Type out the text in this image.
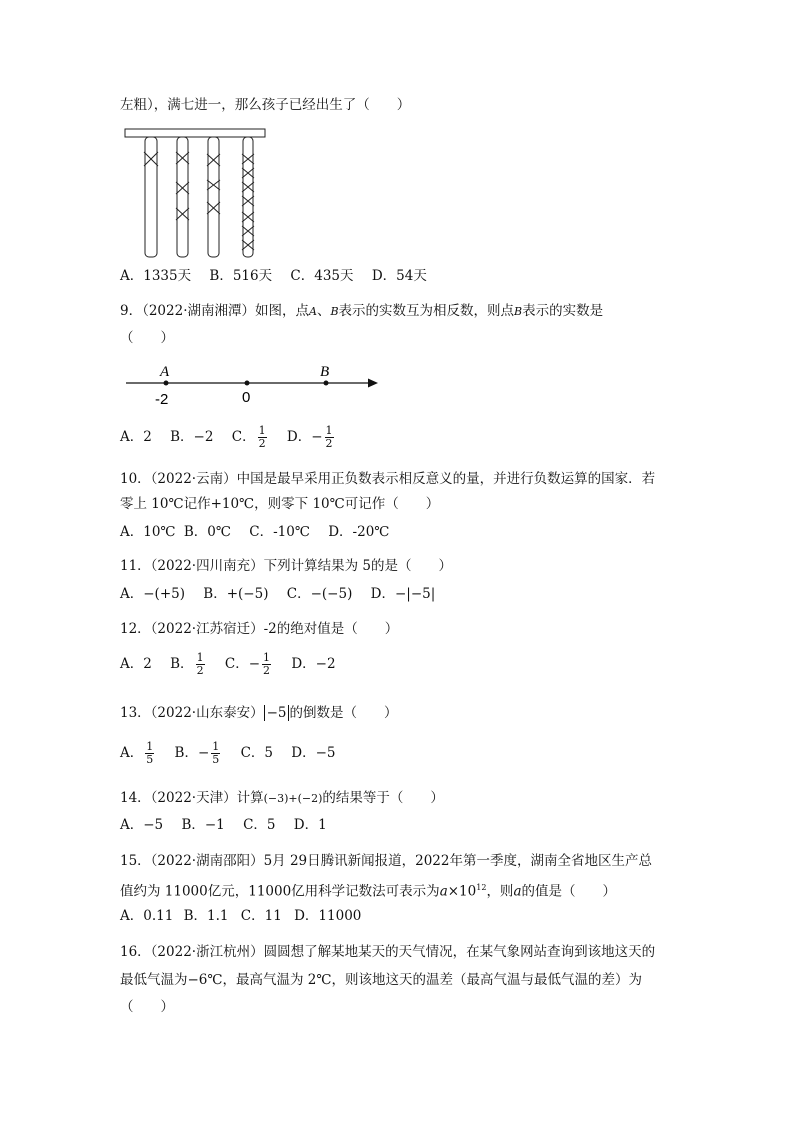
左粗），满七进一，那么孩子已经出生了（　　）
A．1335天 B．516天 C．435天 D．54天
9．（2022·湖南湘潭）如图，点A、B表示的实数互为相反数，则点B表示的实数是
（　　）
A	B
-2	0
A．2 B．−2 C． $\frac{1}{2}$ D．− $\frac{1}{2}$
10．（2022·云南）中国是最早采用正负数表示相反意义的量，并进行负数运算的国家．若
零上 10℃记作+10℃，则零下 10℃可记作（　　）
A．10℃ B．0℃ C．-10℃ D．-20℃
11．（2022·四川南充）下列计算结果为 5的是（　　）
A．−(+5) B．+(−5) C．−(−5) D．−|−5|
12．（2022·江苏宿迁）-2的绝对值是（　　）
A．2 B． $\frac{1}{2}$ C．− $\frac{1}{2}$ D．−2
13．（2022·山东泰安） −5 的倒数是（　　）
A． $\frac{1}{5}$ B．− $\frac{1}{5}$ C．5 D．−5
14．（2022·天津）计算(−3)+(−2)的结果等于（　　）
A．−5 B．−1 C．5 D．1
15．（2022·湖南邵阳）5月 29日腾讯新闻报道，2022年第一季度，湖南全省地区生产总
值约为 11000亿元，11000亿用科学记数法可表示为$a\times 10^{12}$，则a的值是（　　）
A．0.11 B．1.1 C．11 D．11000
16．（2022·浙江杭州）圆圆想了解某地某天的天气情况，在某气象网站查询到该地这天的
最低气温为−6℃，最高气温为 2℃，则该地这天的温差（最高气温与最低气温的差）为
（　　）
